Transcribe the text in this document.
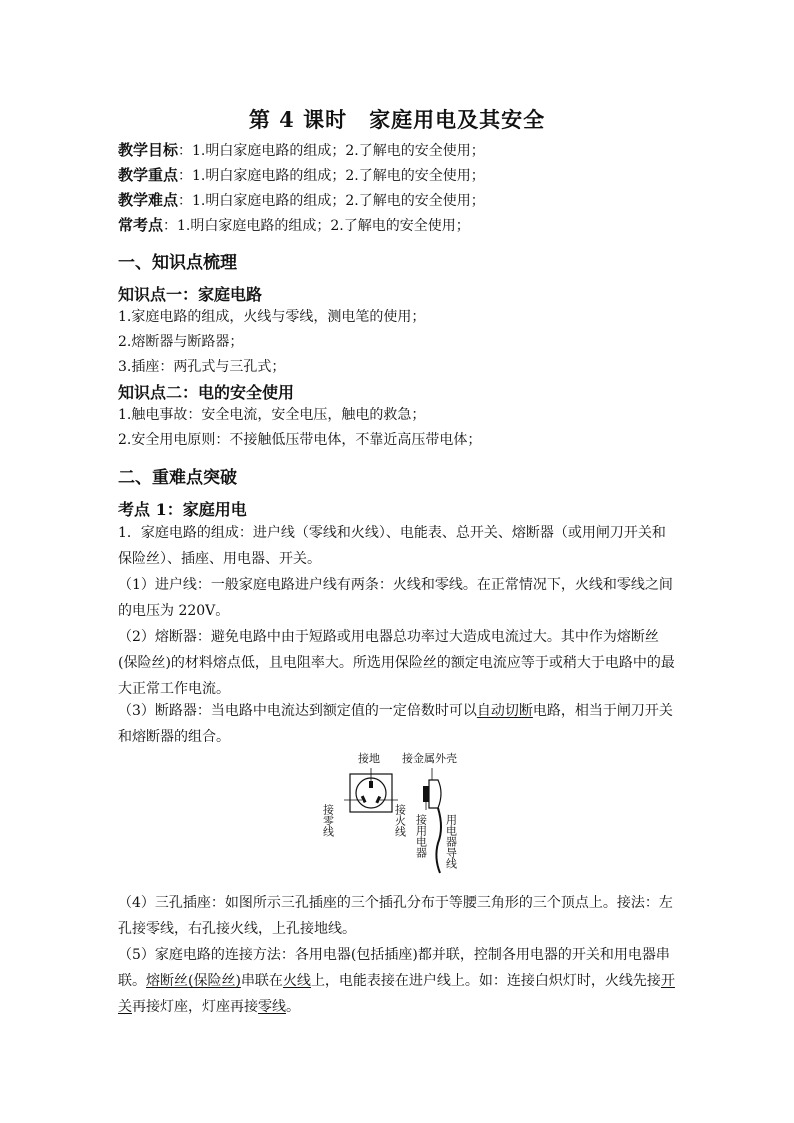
第 4 课时　家庭用电及其安全
教学目标：1.明白家庭电路的组成；2.了解电的安全使用；
教学重点：1.明白家庭电路的组成；2.了解电的安全使用；
教学难点：1.明白家庭电路的组成；2.了解电的安全使用；
常考点：1.明白家庭电路的组成；2.了解电的安全使用；
一、知识点梳理
知识点一：家庭电路
1.家庭电路的组成，火线与零线，测电笔的使用；
2.熔断器与断路器；
3.插座：两孔式与三孔式；
知识点二：电的安全使用
1.触电事故：安全电流，安全电压，触电的救急；
2.安全用电原则：不接触低压带电体，不靠近高压带电体；
二、重难点突破
考点 1：家庭用电
1．家庭电路的组成：进户线（零线和火线）、电能表、总开关、熔断器（或用闸刀开关和保险丝）、插座、用电器、开关。
（1）进户线：一般家庭电路进户线有两条：火线和零线。在正常情况下，火线和零线之间的电压为 220V。
（2）熔断器：避免电路中由于短路或用电器总功率过大造成电流过大。其中作为熔断丝(保险丝)的材料熔点低，且电阻率大。所选用保险丝的额定电流应等于或稍大于电路中的最大正常工作电流。
（3）断路器：当电路中电流达到额定值的一定倍数时可以自动切断电路，相当于闸刀开关和熔断器的组合。
接地 接金属外壳
接零线	接火线 接用电器 用电器导线
（4）三孔插座：如图所示三孔插座的三个插孔分布于等腰三角形的三个顶点上。接法：左孔接零线，右孔接火线，上孔接地线。
（5）家庭电路的连接方法：各用电器(包括插座)都并联，控制各用电器的开关和用电器串联。熔断丝(保险丝)串联在火线上，电能表接在进户线上。如：连接白炽灯时，火线先接开关再接灯座，灯座再接零线。
